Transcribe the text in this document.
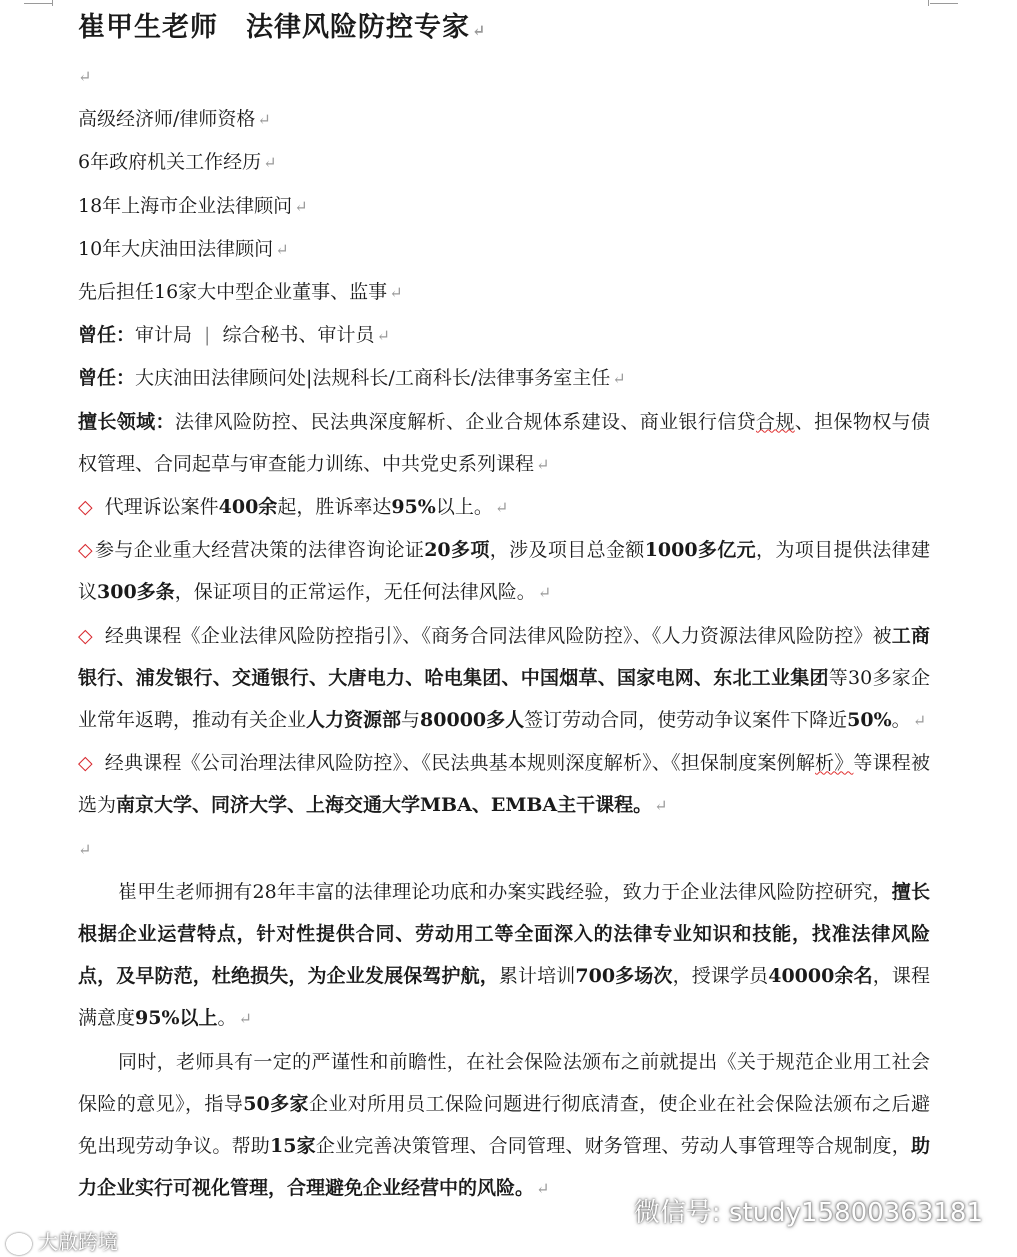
崔甲生老师 法律风险防控专家 ↵

↵

高级经济师/律师资格 ↵

6年政府机关工作经历 ↵

18年上海市企业法律顾问 ↵

10年大庆油田法律顾问 ↵

先后担任16家大中型企业董事、监事 ↵

曾任：审计局 | 综合秘书、审计员 ↵

曾任：大庆油田法律顾问处|法规科长/工商科长/法律事务室主任 ↵

擅长领域：法律风险防控、民法典深度解析、企业合规体系建设、商业银行信贷合规、担保物权与债权管理、合同起草与审查能力训练、中共党史系列课程 ↵

◇ 代理诉讼案件400余起，胜诉率达95%以上。 ↵

◇ 参与企业重大经营决策的法律咨询论证20多项，涉及项目总金额1000多亿元，为项目提供法律建议300多条，保证项目的正常运作，无任何法律风险。 ↵

◇ 经典课程《企业法律风险防控指引》、《商务合同法律风险防控》、《人力资源法律风险防控》被工商银行、浦发银行、交通银行、大唐电力、哈电集团、中国烟草、国家电网、东北工业集团等30多家企业常年返聘，推动有关企业人力资源部与80000多人签订劳动合同，使劳动争议案件下降近50%。 ↵

◇ 经典课程《公司治理法律风险防控》、《民法典基本规则深度解析》、《担保制度案例解析》等课程被选为南京大学、同济大学、上海交通大学MBA、EMBA主干课程。 ↵

↵

崔甲生老师拥有28年丰富的法律理论功底和办案实践经验，致力于企业法律风险防控研究，擅长根据企业运营特点，针对性提供合同、劳动用工等全面深入的法律专业知识和技能，找准法律风险点，及早防范，杜绝损失，为企业发展保驾护航，累计培训700多场次，授课学员40000余名，课程满意度95%以上。 ↵

同时，老师具有一定的严谨性和前瞻性，在社会保险法颁布之前就提出《关于规范企业用工社会保险的意见》，指导50多家企业对所用员工保险问题进行彻底清查，使企业在社会保险法颁布之后避免出现劳动争议。帮助15家企业完善决策管理、合同管理、财务管理、劳动人事管理等合规制度，助力企业实行可视化管理，合理避免企业经营中的风险。 ↵

微信号: study15800363181
大啟跨境
